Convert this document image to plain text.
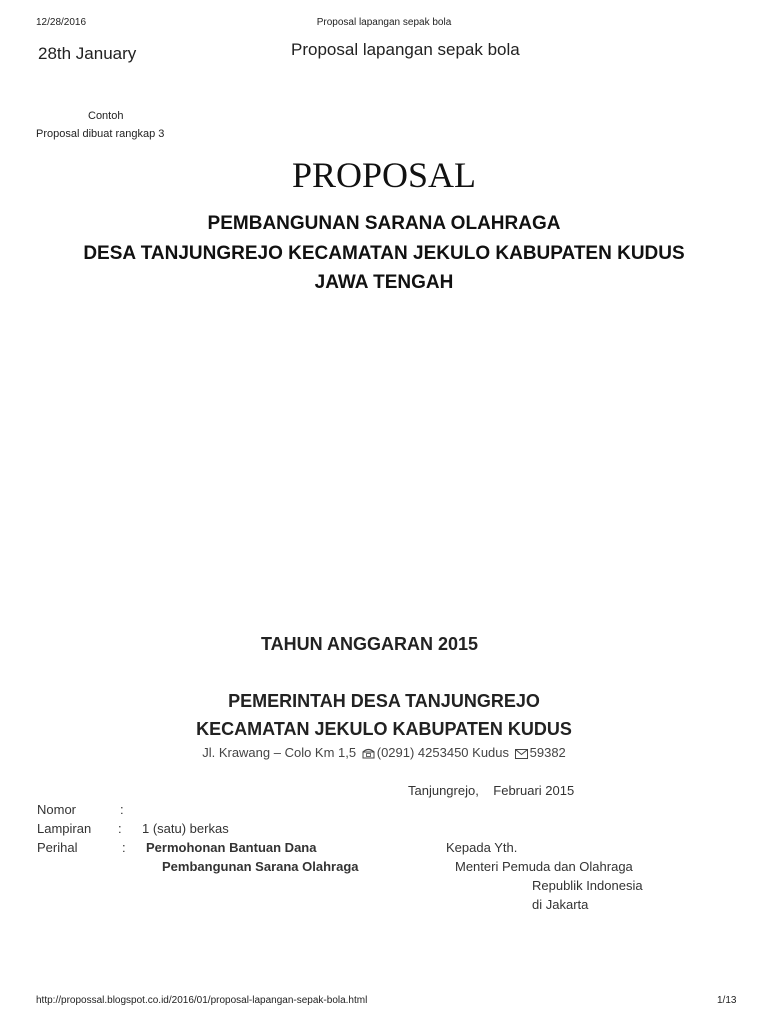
12/28/2016	Proposal lapangan sepak bola
28th January	Proposal lapangan sepak bola
Contoh
Proposal dibuat rangkap 3
PROPOSAL
PEMBANGUNAN SARANA OLAHRAGA
DESA TANJUNGREJO KECAMATAN JEKULO KABUPATEN KUDUS
JAWA TENGAH
TAHUN ANGGARAN 2015
PEMERINTAH DESA TANJUNGREJO
KECAMATAN JEKULO KABUPATEN KUDUS
Jl. Krawang – Colo Km 1,5 (0291) 4253450 Kudus 59382
Tanjungrejo,    Februari 2015
Nomor	:
Lampiran : 1 (satu) berkas
Perihal	: Permohonan Bantuan Dana
Pembangunan Sarana Olahraga
Kepada Yth.
Menteri Pemuda dan Olahraga
Republik Indonesia
di Jakarta
http://propossal.blogspot.co.id/2016/01/proposal-lapangan-sepak-bola.html	1/13
